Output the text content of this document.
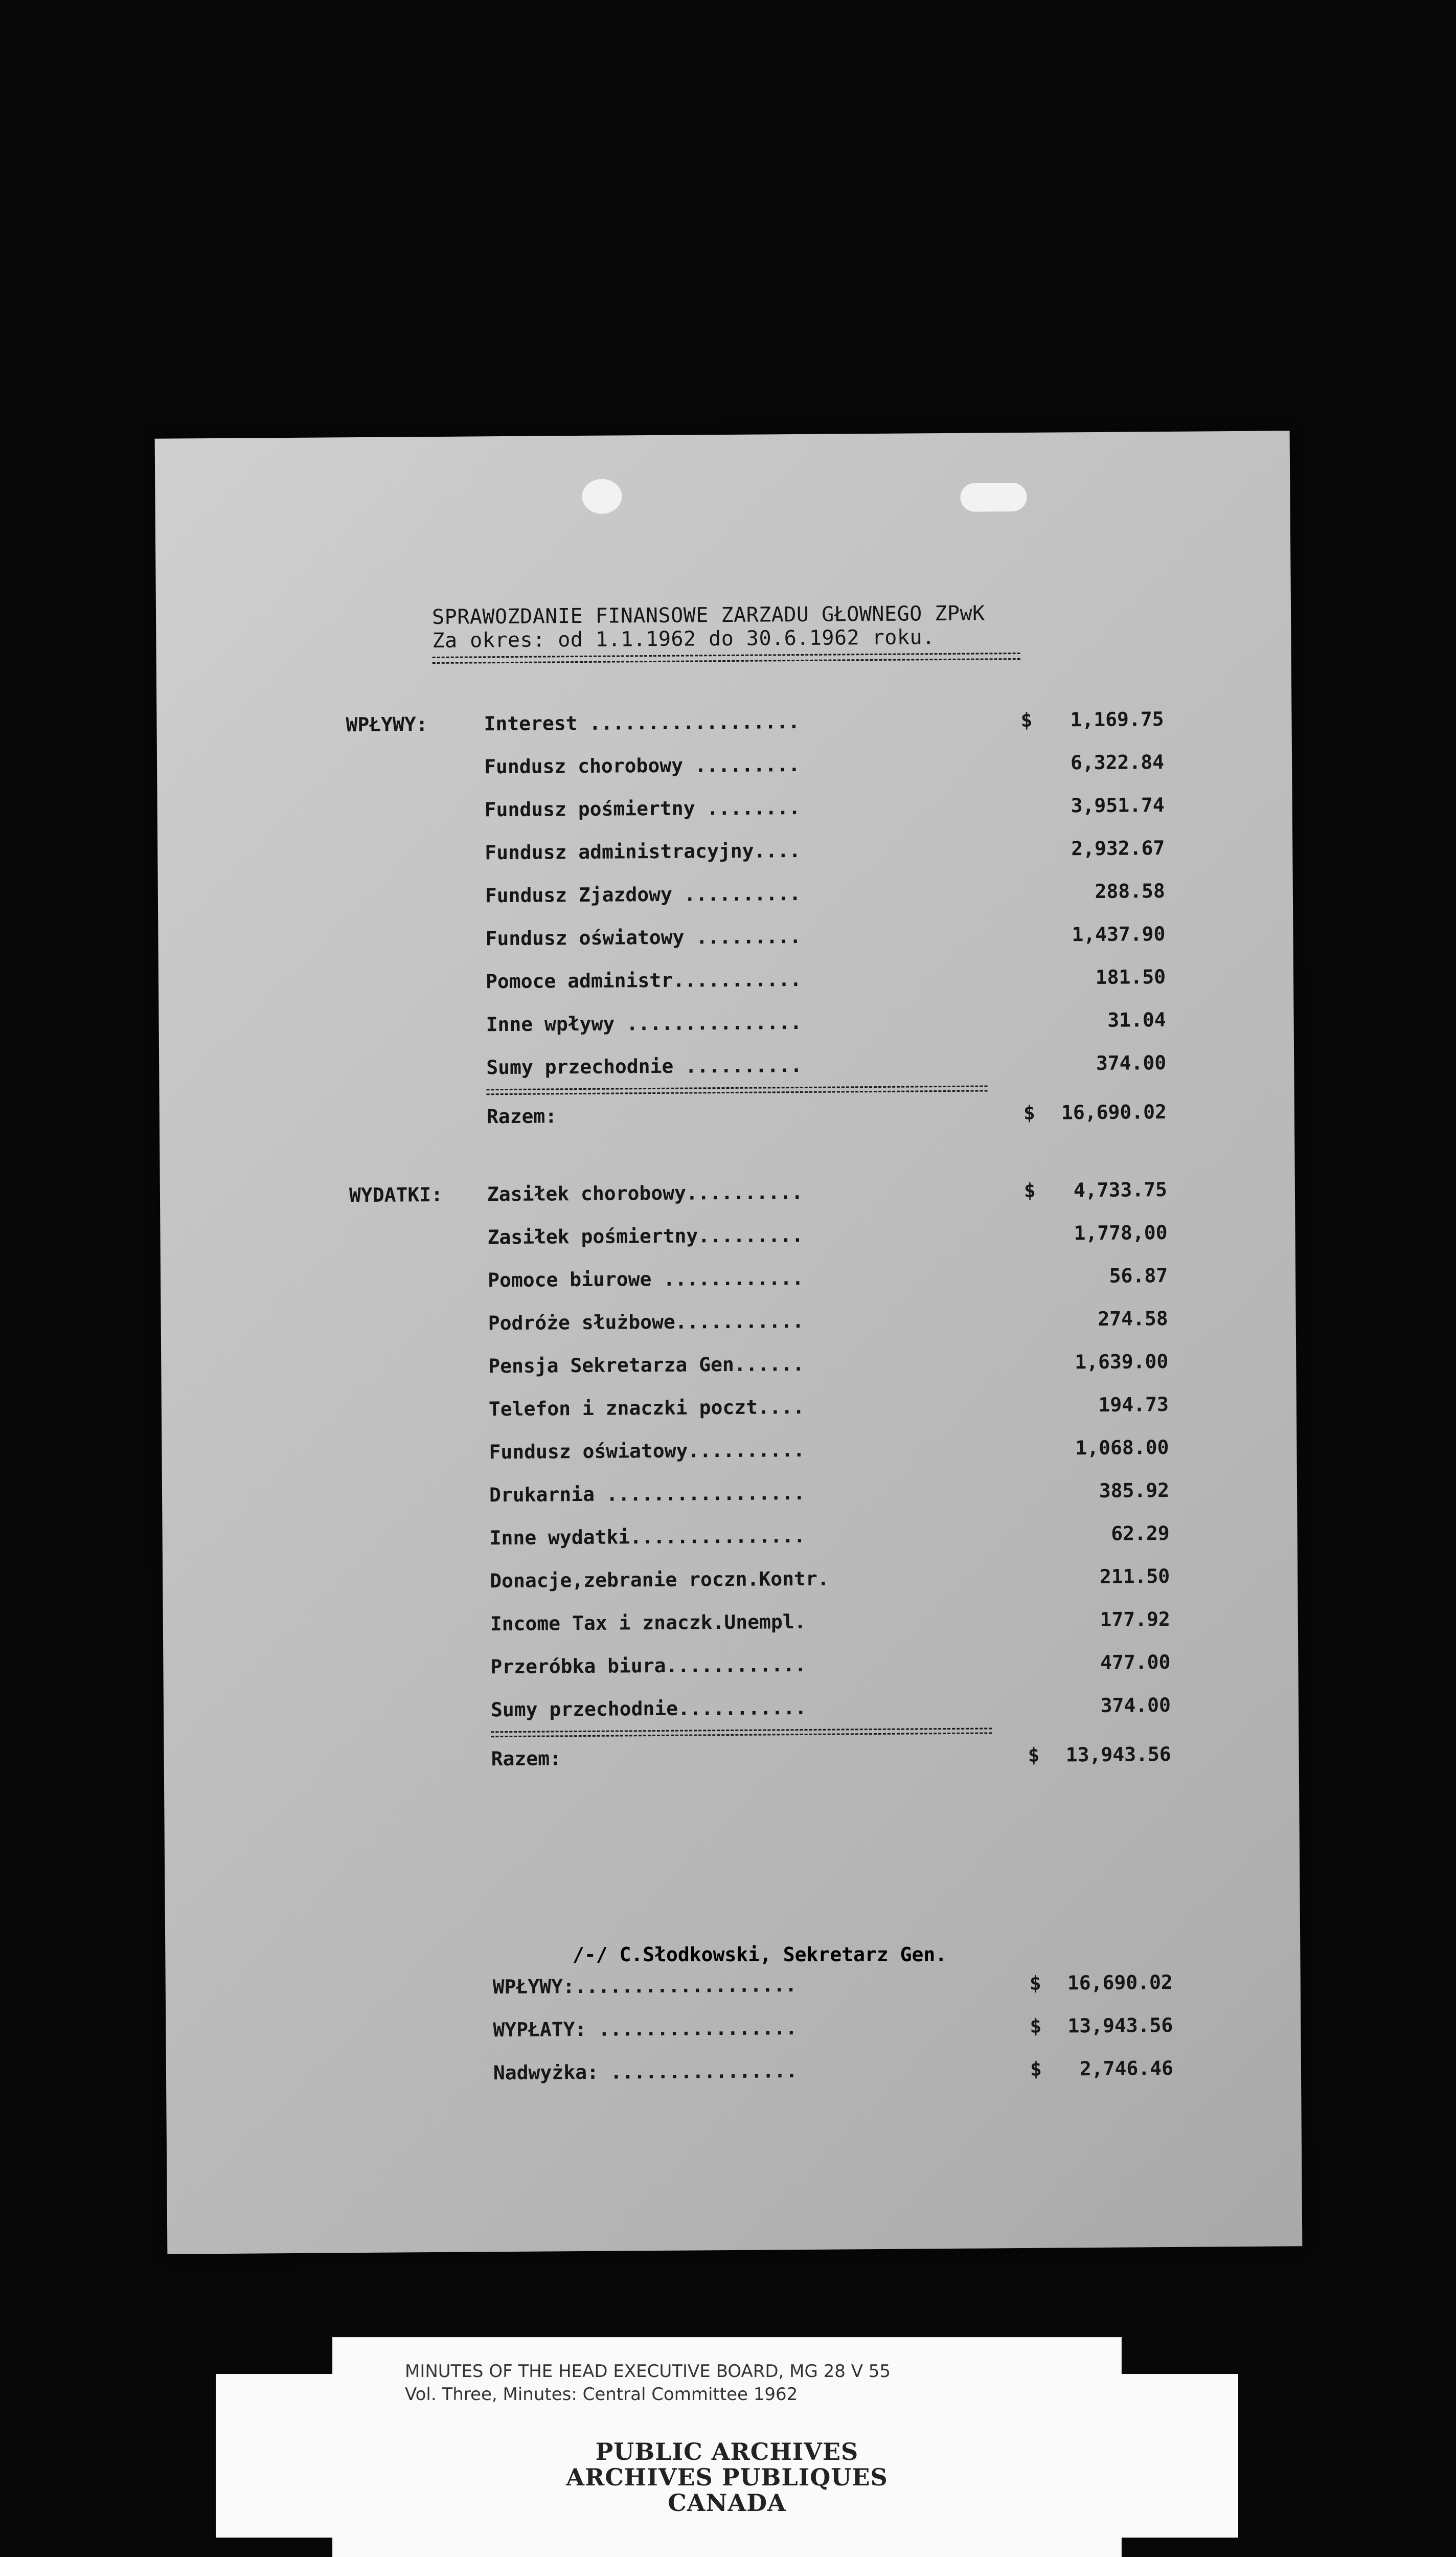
SPRAWOZDANIE FINANSOWE ZARZADU GŁOWNEGO ZPwK
Za okres: od 1.1.1962 do 30.6.1962 roku.
WPŁYWY:	Interest ..................	$ 1,169.75
Fundusz chorobowy .........	6,322.84
Fundusz pośmiertny ........	3,951.74
Fundusz administracyjny....	2,932.67
Fundusz Zjazdowy ..........	288.58
Fundusz oświatowy .........	1,437.90
Pomoce administr...........	181.50
Inne wpływy ...............	31.04
Sumy przechodnie ..........	374.00
Razem:	$ 16,690.02
WYDATKI: Zasiłek chorobowy..........	$ 4,733.75
Zasiłek pośmiertny.........	1,778,00
Pomoce biurowe ............	56.87
Podróże służbowe...........	274.58
Pensja Sekretarza Gen......	1,639.00
Telefon i znaczki poczt....	194.73
Fundusz oświatowy..........	1,068.00
Drukarnia .................	385.92
Inne wydatki...............	62.29
Donacje,zebranie roczn.Kontr.	211.50
Income Tax i znaczk.Unempl.	177.92
Przeróbka biura............	477.00
Sumy przechodnie...........	374.00
Razem:	$ 13,943.56
WPŁYWY:...................	$ 16,690.02
WYPŁATY: .................	$ 13,943.56
Nadwyżka: ................	$ 2,746.46
/-/ C.Słodkowski, Sekretarz Gen.
MINUTES OF THE HEAD EXECUTIVE BOARD, MG 28 V 55
Vol. Three, Minutes: Central Committee 1962
PUBLIC ARCHIVES
ARCHIVES PUBLIQUES
CANADA
